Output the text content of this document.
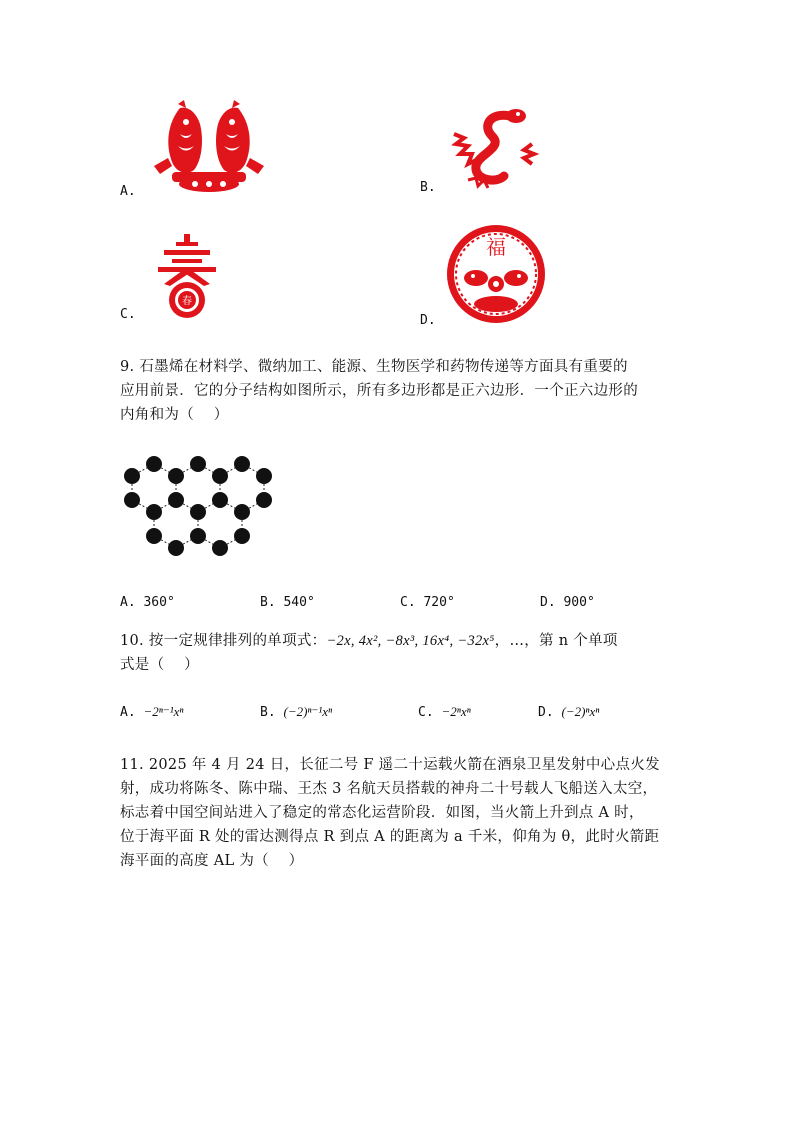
A.	B.
春
C.
福
D.
9. 石墨烯在材料学、微纳加工、能源、生物医学和药物传递等方面具有重要的
应用前景．它的分子结构如图所示，所有多边形都是正六边形．一个正六边形的
内角和为（　 ）
A. 360°	B. 540°	C. 720°	D. 900°
10. 按一定规律排列的单项式：−2x, 4x², −8x³, 16x⁴, −32x⁵，…，第 n 个单项
式是（　 ）
A. −2ⁿ⁻¹xⁿ	B. (−2)ⁿ⁻¹xⁿ	C. −2ⁿxⁿ	D. (−2)ⁿxⁿ
11. 2025 年 4 月 24 日，长征二号 F 遥二十运载火箭在酒泉卫星发射中心点火发
射，成功将陈冬、陈中瑞、王杰 3 名航天员搭载的神舟二十号载人飞船送入太空，
标志着中国空间站进入了稳定的常态化运营阶段．如图，当火箭上升到点 A 时，
位于海平面 R 处的雷达测得点 R 到点 A 的距离为 a 千米，仰角为 θ，此时火箭距
海平面的高度 AL 为（　 ）
